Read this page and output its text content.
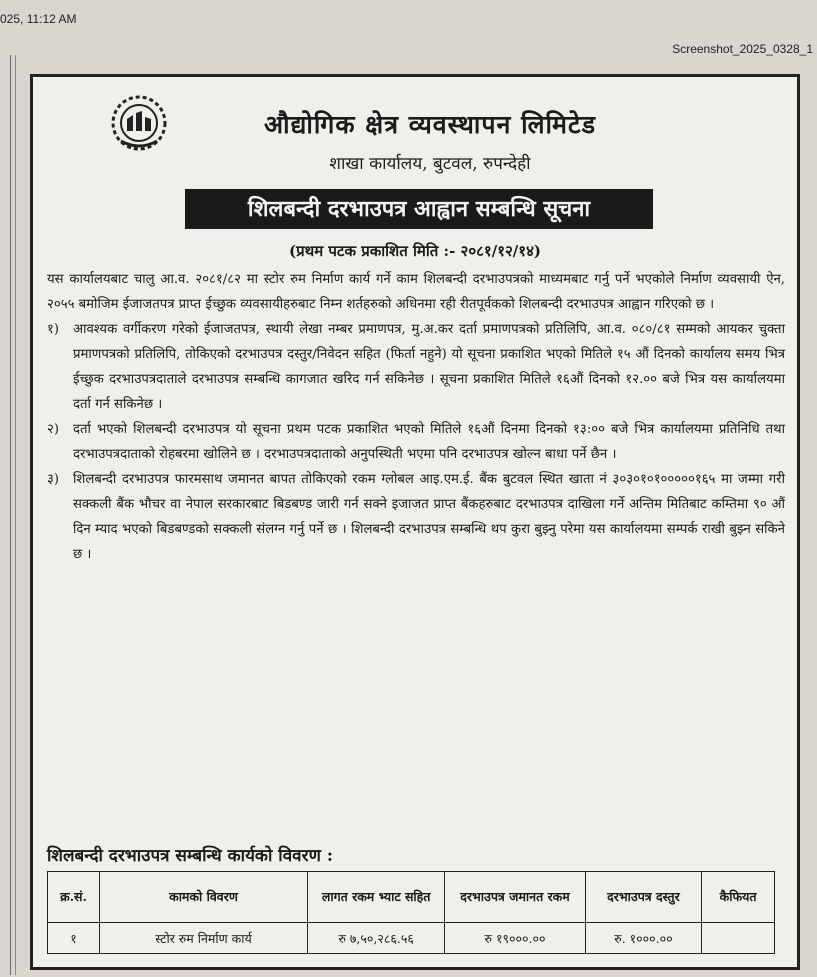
025, 11:12 AM
Screenshot_2025_0328_1
औद्योगिक क्षेत्र व्यवस्थापन लिमिटेड
शाखा कार्यालय, बुटवल, रुपन्देही
शिलबन्दी दरभाउपत्र आह्वान सम्बन्धि सूचना
(प्रथम पटक प्रकाशित मिति :- २०८१/१२/१४)

यस कार्यालयबाट चालु आ.व. २०८१/८२ मा स्टोर रुम निर्माण कार्य गर्ने काम शिलबन्दी दरभाउपत्रको माध्यमबाट गर्नु पर्ने भएकोले निर्माण व्यवसायी ऐन, २०५५ बमोजिम ईजाजतपत्र प्राप्त ईच्छुक व्यवसायीहरुबाट निम्न शर्तहरुको अधिनमा रही रीतपूर्वकको शिलबन्दी दरभाउपत्र आह्वान गरिएको छ ।

१)	आवश्यक वर्गीकरण गरेको ईजाजतपत्र, स्थायी लेखा नम्बर प्रमाणपत्र, मु.अ.कर दर्ता प्रमाणपत्रको प्रतिलिपि, आ.व. ०८०/८१ सम्मको आयकर चुक्ता प्रमाणपत्रको प्रतिलिपि, तोकिएको दरभाउपत्र दस्तुर/निवेदन सहित (फिर्ता नहुने) यो सूचना प्रकाशित भएको मितिले १५ औं दिनको कार्यालय समय भित्र ईच्छुक दरभाउपत्रदाताले दरभाउपत्र सम्बन्धि कागजात खरिद गर्न सकिनेछ । सूचना प्रकाशित मितिले १६औं दिनको १२.०० बजे भित्र यस कार्यालयमा दर्ता गर्न सकिनेछ ।
२)	दर्ता भएको शिलबन्दी दरभाउपत्र यो सूचना प्रथम पटक प्रकाशित भएको मितिले १६औं दिनमा दिनको १३:०० बजे भित्र कार्यालयमा प्रतिनिधि तथा दरभाउपत्रदाताको रोहबरमा खोलिने छ । दरभाउपत्रदाताको अनुपस्थिती भएमा पनि दरभाउपत्र खोल्न बाधा पर्ने छैन ।
३)	शिलबन्दी दरभाउपत्र फारमसाथ जमानत बापत तोकिएको रकम ग्लोबल आइ.एम.ई. बैंक बुटवल स्थित खाता नं ३०३०१०१०००००१६५ मा जम्मा गरी सक्कली बैंक भौचर वा नेपाल सरकारबाट बिडबण्ड जारी गर्न सक्ने इजाजत प्राप्त बैंकहरुबाट दरभाउपत्र दाखिला गर्ने अन्तिम मितिबाट कम्तिमा ९० औं दिन म्याद भएको बिडबण्डको सक्कली संलग्न गर्नु पर्ने छ । शिलबन्दी दरभाउपत्र सम्बन्धि थप कुरा बुझ्नु परेमा यस कार्यालयमा सम्पर्क राखी बुझ्न सकिने छ ।
शिलबन्दी दरभाउपत्र सम्बन्धि कार्यको विवरण :
क्र.सं.	कामको विवरण	लागत रकम भ्याट सहित	दरभाउपत्र जमानत रकम	दरभाउपत्र दस्तुर	कैफियत
१	स्टोर रुम निर्माण कार्य	रु ७,५०,२८६.५६	रु १९०००.००	रु. १०००.००	
